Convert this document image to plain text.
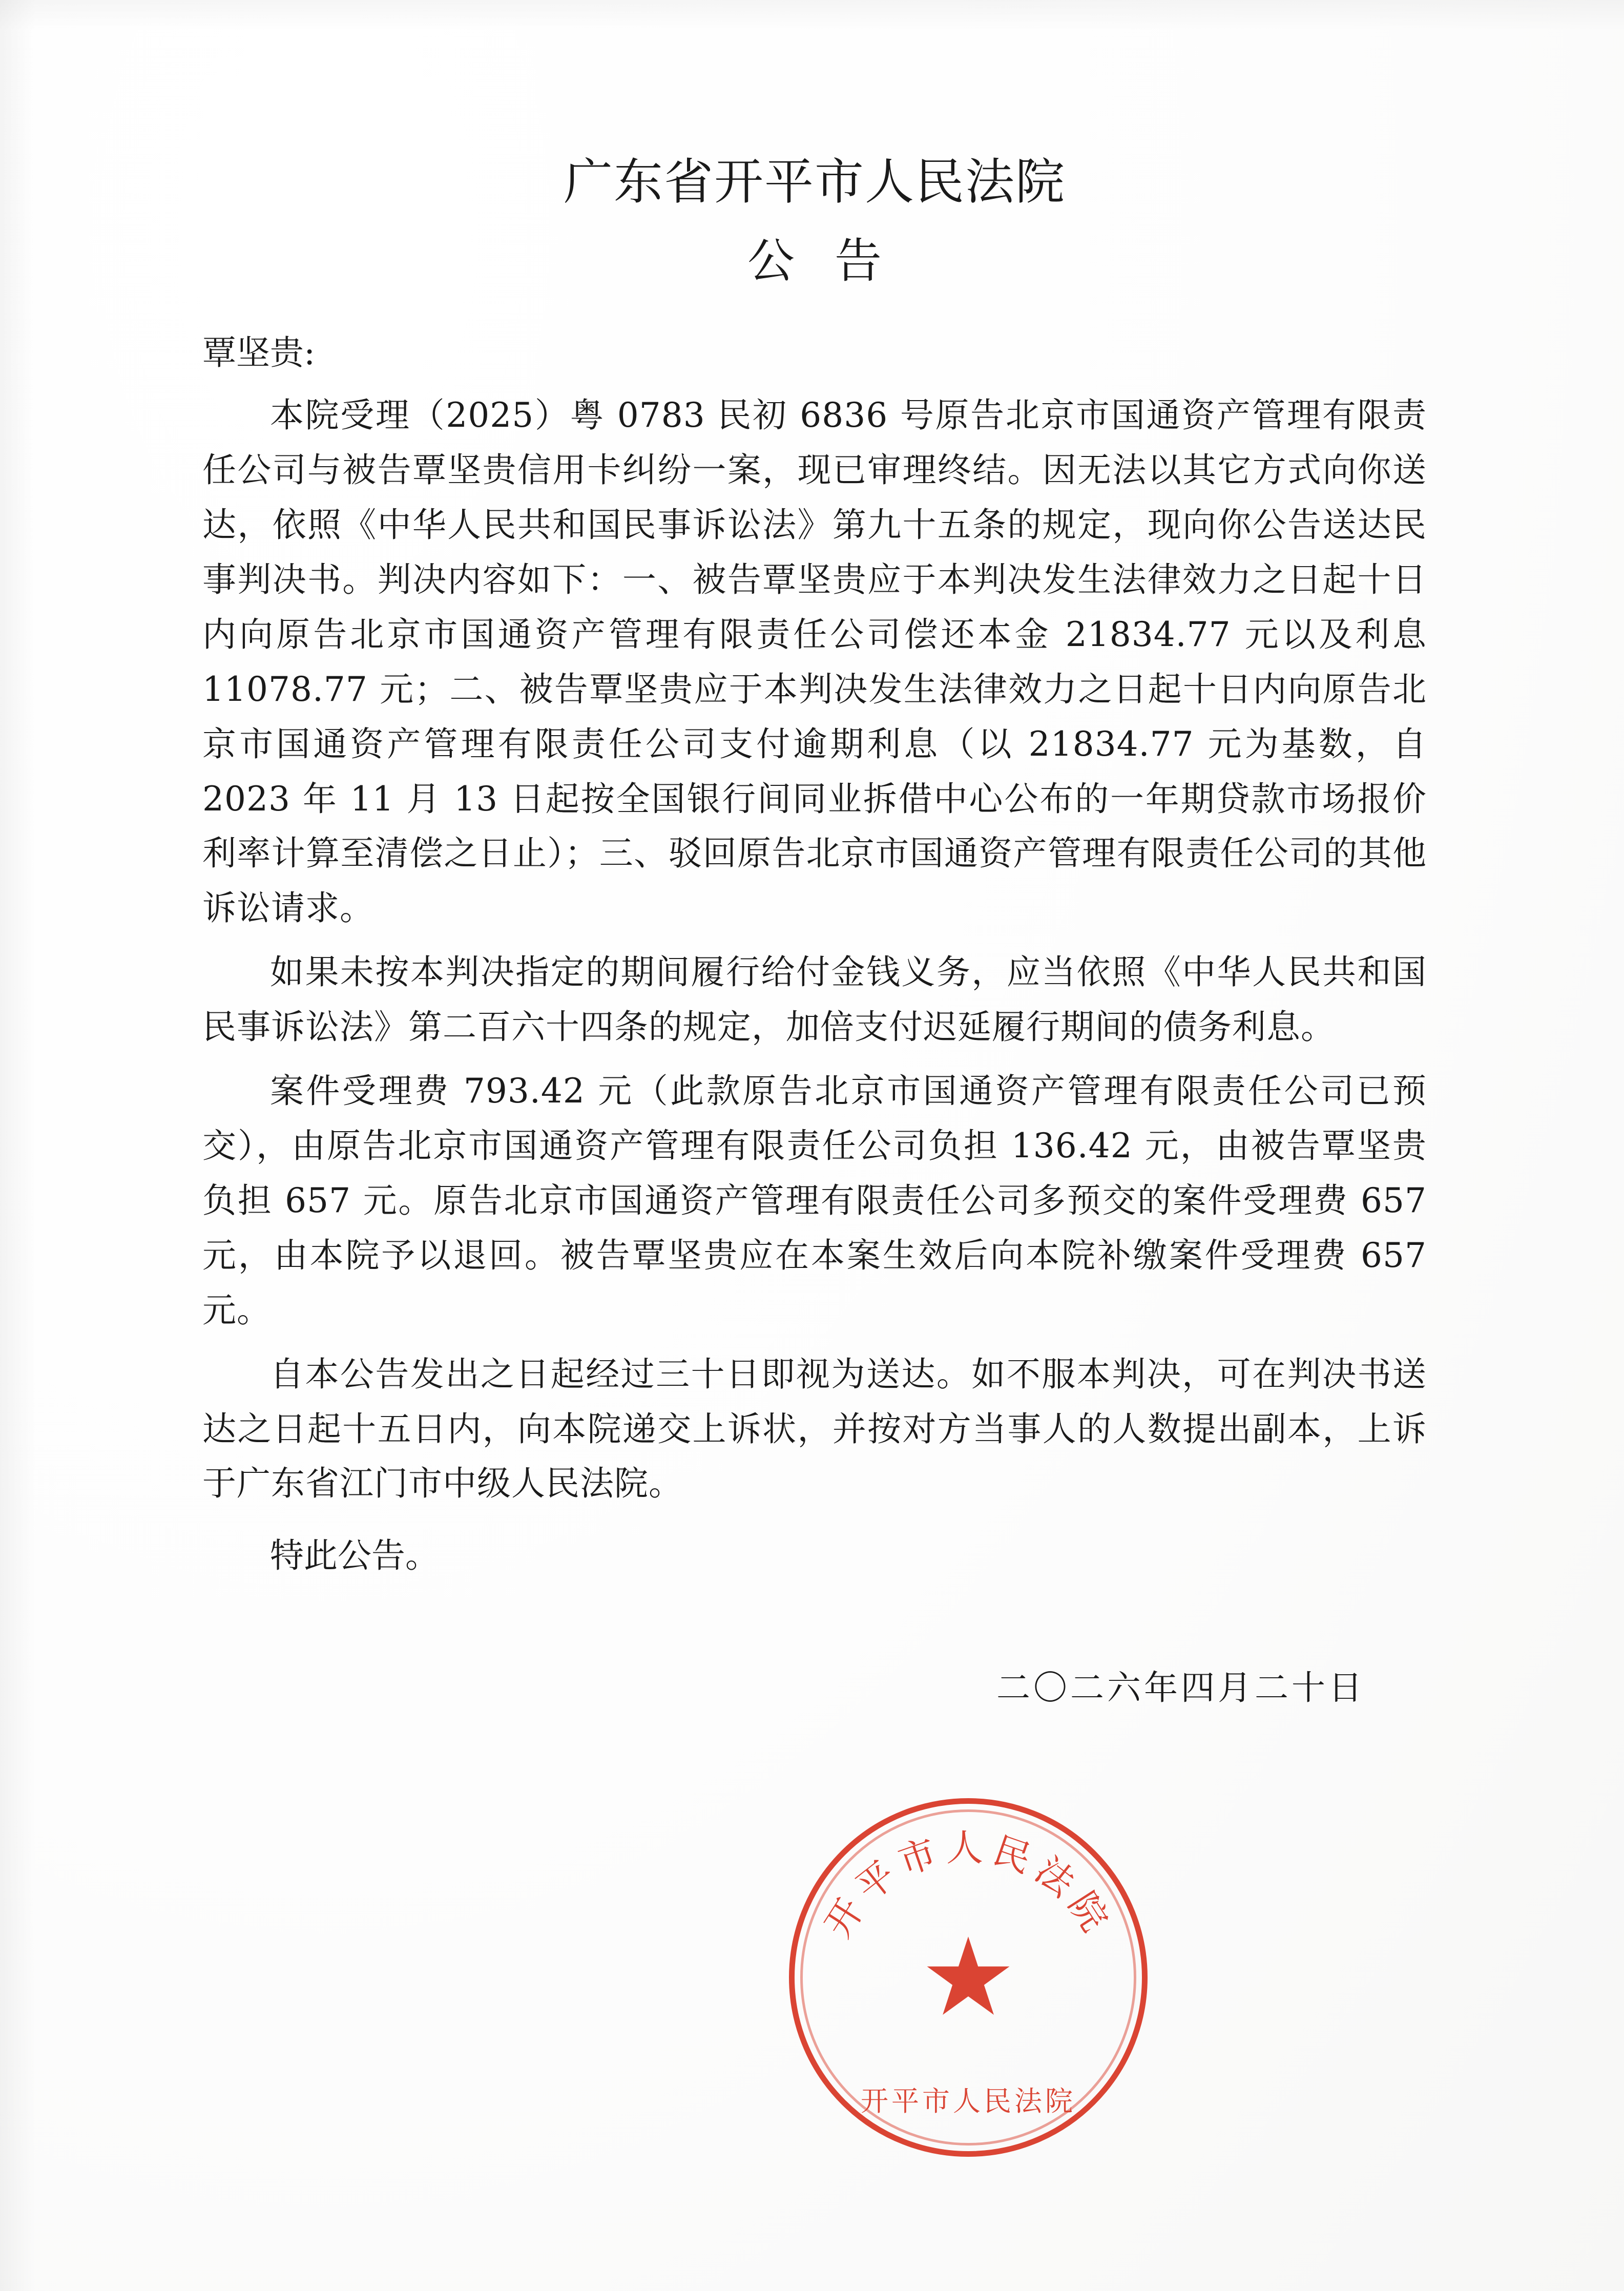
广东省开平市人民法院
公告
覃坚贵:

本院受理（2025）粤 0783 民初 6836 号原告北京市国通资产管理有限责任公司与被告覃坚贵信用卡纠纷一案，现已审理终结。因无法以其它方式向你送达，依照《中华人民共和国民事诉讼法》第九十五条的规定，现向你公告送达民事判决书。判决内容如下：一、被告覃坚贵应于本判决发生法律效力之日起十日内向原告北京市国通资产管理有限责任公司偿还本金 21834.77 元以及利息 11078.77 元；二、被告覃坚贵应于本判决发生法律效力之日起十日内向原告北京市国通资产管理有限责任公司支付逾期利息（以 21834.77 元为基数，自 2023 年 11 月 13 日起按全国银行间同业拆借中心公布的一年期贷款市场报价利率计算至清偿之日止）；三、驳回原告北京市国通资产管理有限责任公司的其他诉讼请求。

如果未按本判决指定的期间履行给付金钱义务，应当依照《中华人民共和国民事诉讼法》第二百六十四条的规定，加倍支付迟延履行期间的债务利息。

案件受理费 793.42 元（此款原告北京市国通资产管理有限责任公司已预交），由原告北京市国通资产管理有限责任公司负担 136.42 元，由被告覃坚贵负担 657 元。原告北京市国通资产管理有限责任公司多预交的案件受理费 657 元，由本院予以退回。被告覃坚贵应在本案生效后向本院补缴案件受理费 657 元。

自本公告发出之日起经过三十日即视为送达。如不服本判决，可在判决书送达之日起十五日内，向本院递交上诉状，并按对方当事人的人数提出副本，上诉于广东省江门市中级人民法院。

特此公告。
二〇二六年四月二十日
开平市人民法院
★
开平市人民法院
